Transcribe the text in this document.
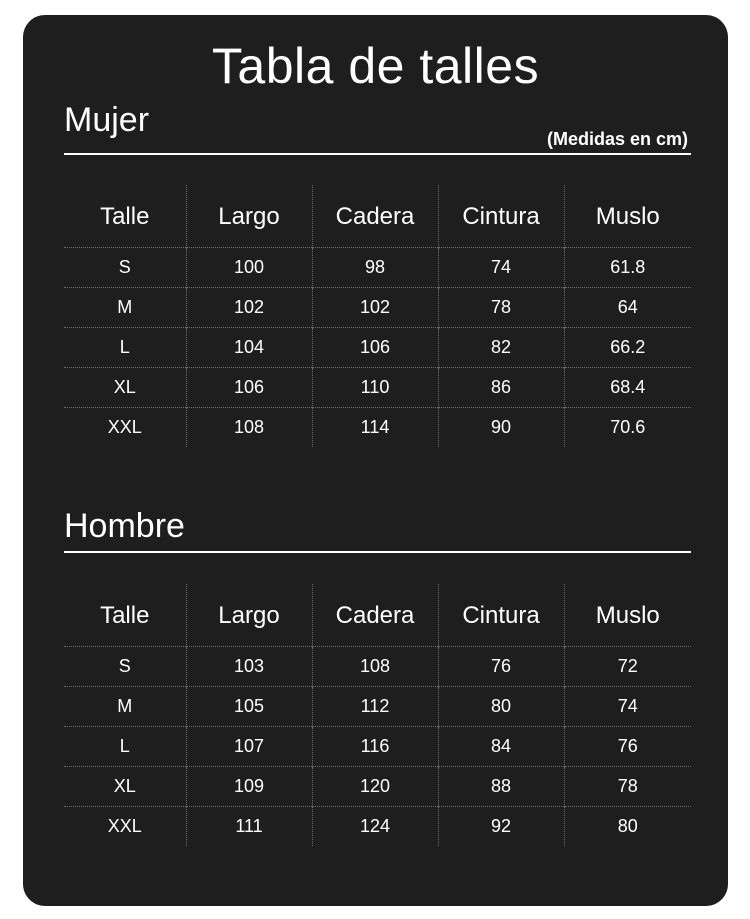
Tabla de talles
Mujer	(Medidas en cm)
Talle	Largo	Cadera	Cintura	Muslo
S	100	98	74	61.8
M	102	102	78	64
L	104	106	82	66.2
XL	106	110	86	68.4
XXL	108	114	90	70.6
Hombre
Talle	Largo	Cadera	Cintura	Muslo
S	103	108	76	72
M	105	112	80	74
L	107	116	84	76
XL	109	120	88	78
XXL	111	124	92	80
